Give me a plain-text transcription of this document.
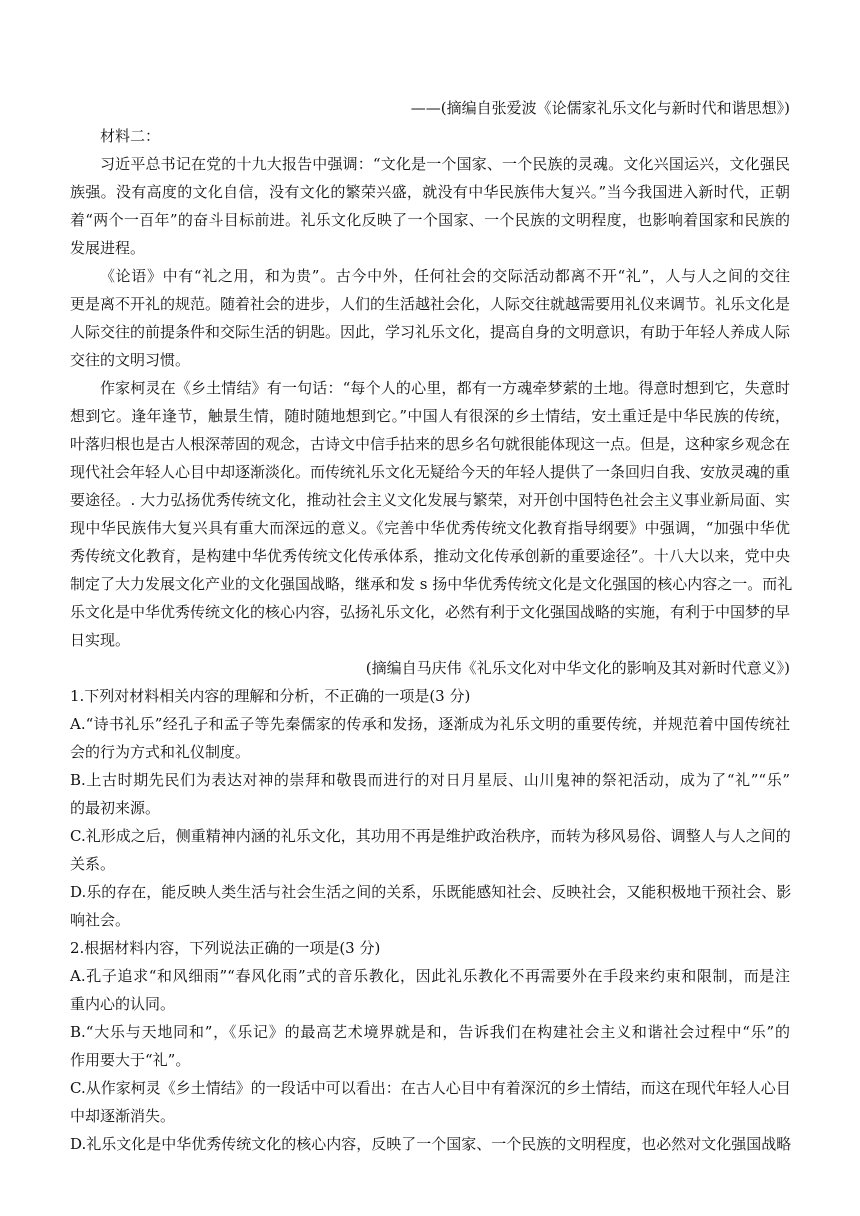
——(摘编自张爱波《论儒家礼乐文化与新时代和谐思想》)
材料二：
习近平总书记在党的十九大报告中强调：“文化是一个国家、一个民族的灵魂。文化兴国运兴，文化强民
族强。没有高度的文化自信，没有文化的繁荣兴盛，就没有中华民族伟大复兴。”当今我国进入新时代，正朝
着“两个一百年”的奋斗目标前进。礼乐文化反映了一个国家、一个民族的文明程度，也影响着国家和民族的
发展进程。
《论语》中有“礼之用，和为贵”。古今中外，任何社会的交际活动都离不开“礼”，人与人之间的交往
更是离不开礼的规范。随着社会的进步，人们的生活越社会化，人际交往就越需要用礼仪来调节。礼乐文化是
人际交往的前提条件和交际生活的钥匙。因此，学习礼乐文化，提高自身的文明意识，有助于年轻人养成人际
交往的文明习惯。
作家柯灵在《乡土情结》有一句话：“每个人的心里，都有一方魂牵梦萦的土地。得意时想到它，失意时
想到它。逢年逢节，触景生情，随时随地想到它。”中国人有很深的乡土情结，安土重迁是中华民族的传统，
叶落归根也是古人根深蒂固的观念，古诗文中信手拈来的思乡名句就很能体现这一点。但是，这种家乡观念在
现代社会年轻人心目中却逐渐淡化。而传统礼乐文化无疑给今天的年轻人提供了一条回归自我、安放灵魂的重
要途径。. 大力弘扬优秀传统文化，推动社会主义文化发展与繁荣，对开创中国特色社会主义事业新局面、实
现中华民族伟大复兴具有重大而深远的意义。《完善中华优秀传统文化教育指导纲要》中强调，“加强中华优
秀传统文化教育，是构建中华优秀传统文化传承体系，推动文化传承创新的重要途径”。十八大以来，党中央
制定了大力发展文化产业的文化强国战略，继承和发 s 扬中华优秀传统文化是文化强国的核心内容之一。而礼
乐文化是中华优秀传统文化的核心内容，弘扬礼乐文化，必然有利于文化强国战略的实施，有利于中国梦的早
日实现。
(摘编自马庆伟《礼乐文化对中华文化的影响及其对新时代意义》)
1.下列对材料相关内容的理解和分析，不正确的一项是(3 分)
A.“诗书礼乐”经孔子和孟子等先秦儒家的传承和发扬，逐渐成为礼乐文明的重要传统，并规范着中国传统社
会的行为方式和礼仪制度。
B.上古时期先民们为表达对神的崇拜和敬畏而进行的对日月星辰、山川鬼神的祭祀活动，成为了“礼”“乐”
的最初来源。
C.礼形成之后，侧重精神内涵的礼乐文化，其功用不再是维护政治秩序，而转为移风易俗、调整人与人之间的
关系。
D.乐的存在，能反映人类生活与社会生活之间的关系，乐既能感知社会、反映社会，又能积极地干预社会、影
响社会。
2.根据材料内容，下列说法正确的一项是(3 分)
A.孔子追求“和风细雨”“春风化雨”式的音乐教化，因此礼乐教化不再需要外在手段来约束和限制，而是注
重内心的认同。
B.“大乐与天地同和”，《乐记》的最高艺术境界就是和，告诉我们在构建社会主义和谐社会过程中“乐”的
作用要大于“礼”。
C.从作家柯灵《乡土情结》的一段话中可以看出：在古人心目中有着深沉的乡土情结，而这在现代年轻人心目
中却逐渐消失。
D.礼乐文化是中华优秀传统文化的核心内容，反映了一个国家、一个民族的文明程度，也必然对文化强国战略
